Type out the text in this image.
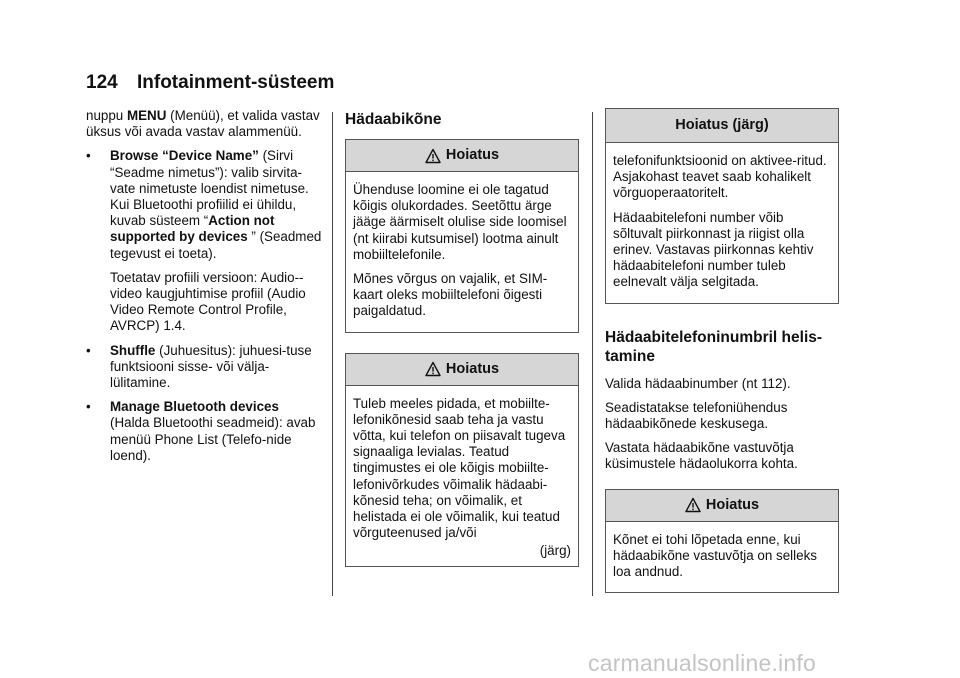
124 Infotainment-süsteem

nuppu MENU (Menüü), et valida vastav üksus või avada vastav alammenüü.

• Browse “Device Name” (Sirvi “Seadme nimetus”): valib sirvita-vate nimetuste loendist nimetuse. Kui Bluetoothi profiilid ei ühildu, kuvab süsteem “Action not supported by devices ” (Seadmed tegevust ei toeta).
Toetatav profiili versioon: Audio--video kaugjuhtimise profiil (Audio Video Remote Control Profile, AVRCP) 1.4.
• Shuffle (Juhuesitus): juhuesi-tuse funktsiooni sisse- või välja-lülitamine.
• Manage Bluetooth devices (Halda Bluetoothi seadmeid): avab menüü Phone List (Telefo-nide loend).
Hädaabikõne
Hoiatus

Ühenduse loomine ei ole tagatud kõigis olukordades. Seetõttu ärge jääge äärmiselt olulise side loomisel (nt kiirabi kutsumisel) lootma ainult mobiiltelefonile.

Mõnes võrgus on vajalik, et SIM-kaart oleks mobiiltelefoni õigesti paigaldatud.

Hoiatus

Tuleb meeles pidada, et mobiilte-lefonikõnesid saab teha ja vastu võtta, kui telefon on piisavalt tugeva signaaliga levialas. Teatud tingimustes ei ole kõigis mobiilte-lefonivõrkudes võimalik hädaabi-kõnesid teha; on võimalik, et helistada ei ole võimalik, kui teatud võrguteenused ja/või

(järg)
Hoiatus (järg)

telefonifunktsioonid on aktivee-ritud. Asjakohast teavet saab kohalikelt võrguoperaatoritelt.

Hädaabitelefoni number võib sõltuvalt piirkonnast ja riigist olla erinev. Vastavas piirkonnas kehtiv hädaabitelefoni number tuleb eelnevalt välja selgitada.

Hädaabitelefoninumbril helis-tamine

Valida hädaabinumber (nt 112).

Seadistatakse telefoniühendus hädaabikõnede keskusega.

Vastata hädaabikõne vastuvõtja küsimustele hädaolukorra kohta.

Hoiatus

Kõnet ei tohi lõpetada enne, kui hädaabikõne vastuvõtja on selleks loa andnud.

carmanualsonline.info
